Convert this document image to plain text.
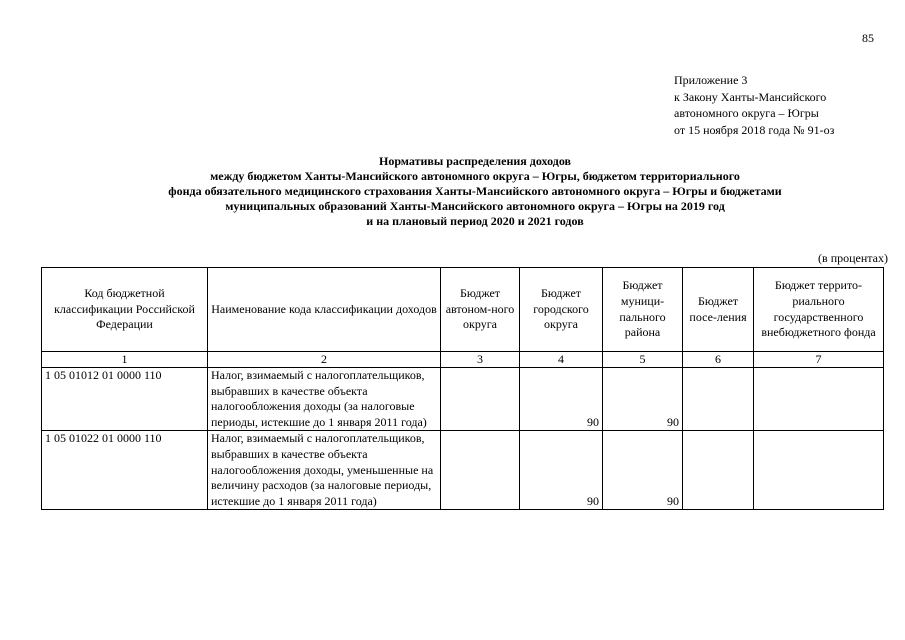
85
Приложение 3
к Закону Ханты-Мансийского
автономного округа – Югры
от 15 ноября 2018 года № 91-оз
Нормативы распределения доходов
между бюджетом Ханты-Мансийского автономного округа – Югры, бюджетом территориального
фонда обязательного медицинского страхования Ханты-Мансийского автономного округа – Югры и бюджетами
муниципальных образований Ханты-Мансийского автономного округа – Югры на 2019 год
и на плановый период 2020 и 2021 годов
(в процентах)
Код бюджетной классификации Российской Федерации	Наименование кода классификации доходов	Бюджет автоном-ного округа	Бюджет городского округа	Бюджет муници-пального района	Бюджет посе-ления	Бюджет террито-риального государственного внебюджетного фонда
1	2	3	4	5	6	7
1 05 01012 01 0000 110	Налог, взимаемый с налогоплательщиков, выбравших в качестве объекта налогообложения доходы (за налоговые периоды, истекшие до 1 января 2011 года)		90	90		
1 05 01022 01 0000 110	Налог, взимаемый с налогоплательщиков, выбравших в качестве объекта налогообложения доходы, уменьшенные на величину расходов (за налоговые периоды, истекшие до 1 января 2011 года)		90	90		
